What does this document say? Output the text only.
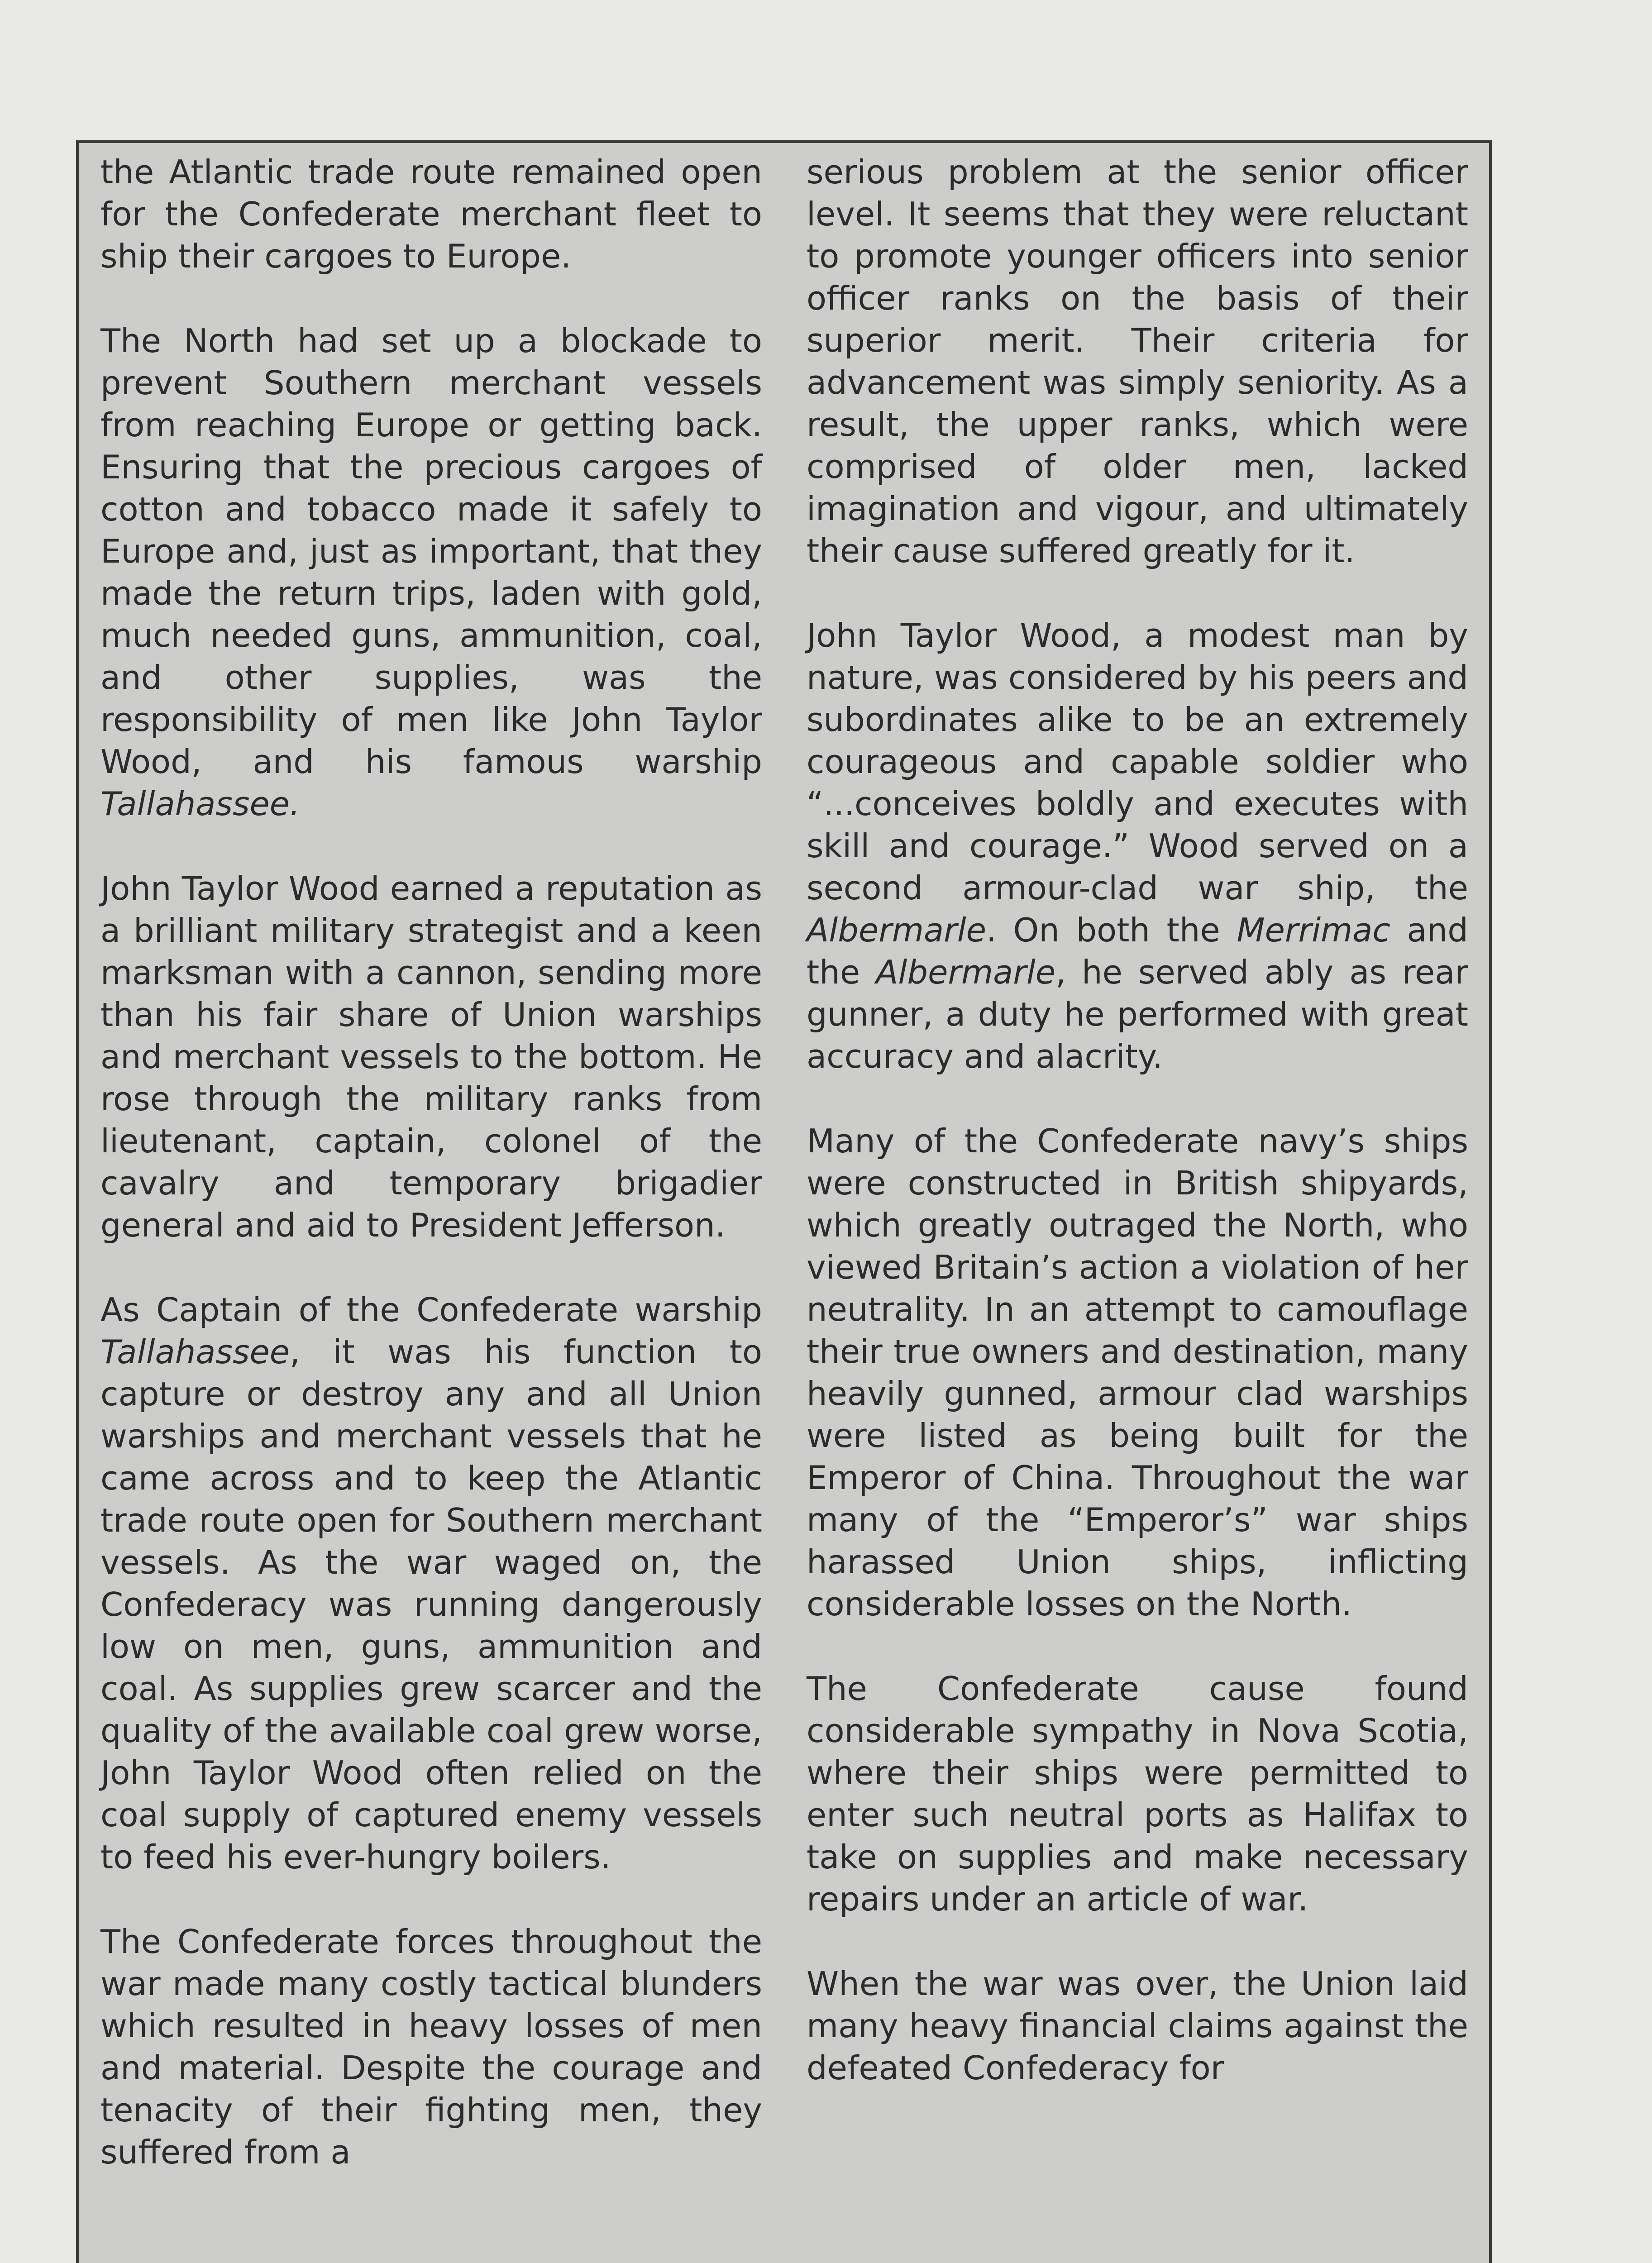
the Atlantic trade route remained open for the Confederate merchant fleet to ship their cargoes to Europe.

The North had set up a blockade to prevent Southern merchant vessels from reaching Europe or getting back. Ensuring that the precious cargoes of cotton and tobacco made it safely to Europe and, just as important, that they made the return trips, laden with gold, much needed guns, ammunition, coal, and other supplies, was the responsibility of men like John Taylor Wood, and his famous warship Tallahassee.

John Taylor Wood earned a reputation as a brilliant military strategist and a keen marksman with a cannon, sending more than his fair share of Union warships and merchant vessels to the bottom. He rose through the military ranks from lieutenant, captain, colonel of the cavalry and temporary brigadier general and aid to President Jefferson.

As Captain of the Confederate warship Tallahassee, it was his function to capture or destroy any and all Union warships and merchant vessels that he came across and to keep the Atlantic trade route open for Southern merchant vessels. As the war waged on, the Confederacy was running dangerously low on men, guns, ammunition and coal. As supplies grew scarcer and the quality of the available coal grew worse, John Taylor Wood often relied on the coal supply of captured enemy vessels to feed his ever-hungry boilers.

The Confederate forces throughout the war made many costly tactical blunders which resulted in heavy losses of men and material. Despite the courage and tenacity of their fighting men, they suffered from a

serious problem at the senior officer level. It seems that they were reluctant to promote younger officers into senior officer ranks on the basis of their superior merit. Their criteria for advancement was simply seniority. As a result, the upper ranks, which were comprised of older men, lacked imagination and vigour, and ultimately their cause suffered greatly for it.

John Taylor Wood, a modest man by nature, was considered by his peers and subordinates alike to be an extremely courageous and capable soldier who “...conceives boldly and executes with skill and courage.” Wood served on a second armour-clad war ship, the Albermarle. On both the Merrimac and the Albermarle, he served ably as rear gunner, a duty he performed with great accuracy and alacrity.

Many of the Confederate navy’s ships were constructed in British shipyards, which greatly outraged the North, who viewed Britain’s action a violation of her neutrality. In an attempt to camouflage their true owners and destination, many heavily gunned, armour clad warships were listed as being built for the Emperor of China. Throughout the war many of the “Emperor’s” war ships harassed Union ships, inflicting considerable losses on the North.

The Confederate cause found considerable sympathy in Nova Scotia, where their ships were permitted to enter such neutral ports as Halifax to take on supplies and make necessary repairs under an article of war.

When the war was over, the Union laid many heavy financial claims against the defeated Confederacy for
